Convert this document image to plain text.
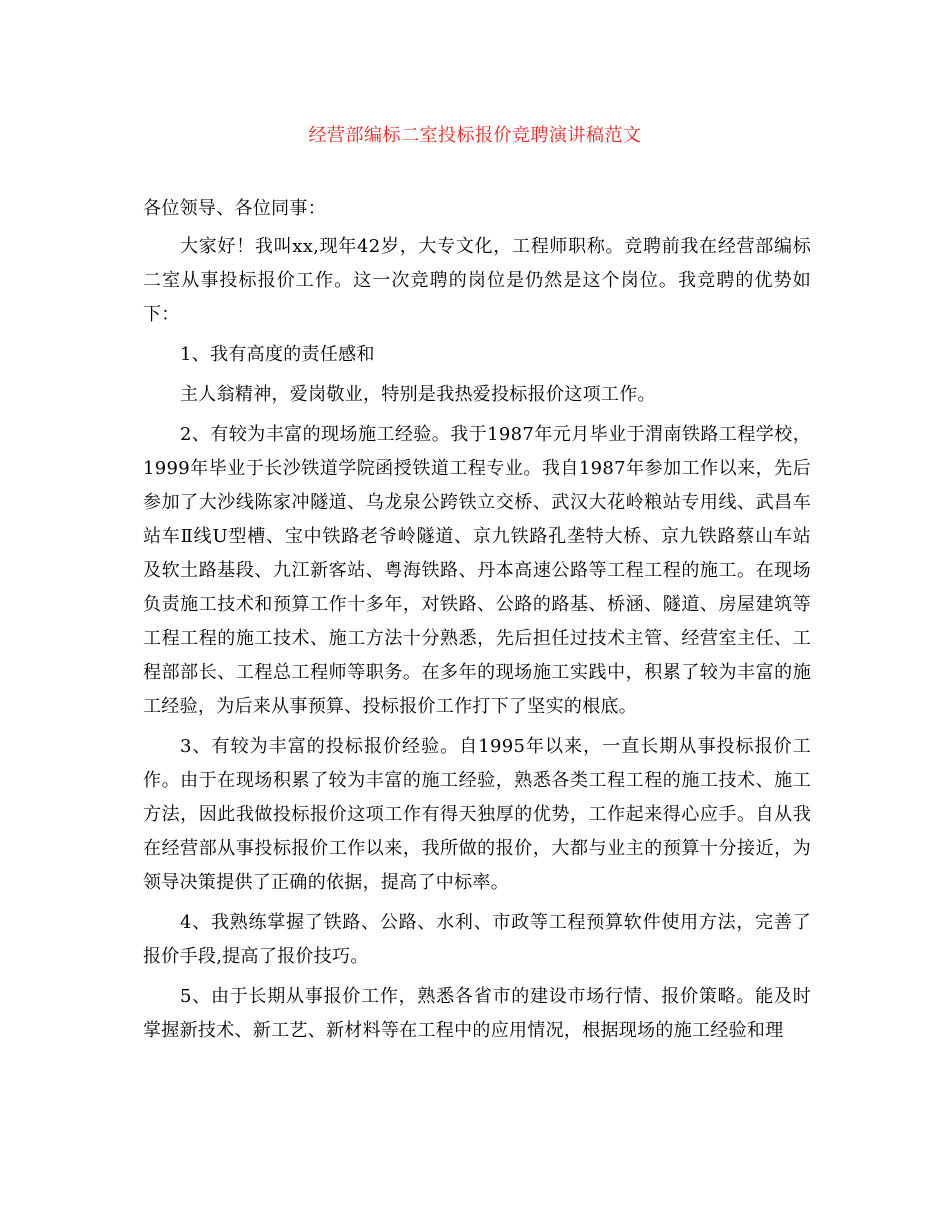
经营部编标二室投标报价竞聘演讲稿范文

各位领导、各位同事：

大家好！我叫xx,现年42岁，大专文化，工程师职称。竞聘前我在经营部编标二室从事投标报价工作。这一次竞聘的岗位是仍然是这个岗位。我竞聘的优势如下：

1、我有高度的责任感和

主人翁精神，爱岗敬业，特别是我热爱投标报价这项工作。

2、有较为丰富的现场施工经验。我于1987年元月毕业于渭南铁路工程学校，1999年毕业于长沙铁道学院函授铁道工程专业。我自1987年参加工作以来，先后参加了大沙线陈家冲隧道、乌龙泉公跨铁立交桥、武汉大花岭粮站专用线、武昌车站车Ⅱ线U型槽、宝中铁路老爷岭隧道、京九铁路孔垄特大桥、京九铁路蔡山车站及软土路基段、九江新客站、粤海铁路、丹本高速公路等工程工程的施工。在现场负责施工技术和预算工作十多年，对铁路、公路的路基、桥涵、隧道、房屋建筑等工程工程的施工技术、施工方法十分熟悉，先后担任过技术主管、经营室主任、工程部部长、工程总工程师等职务。在多年的现场施工实践中，积累了较为丰富的施工经验，为后来从事预算、投标报价工作打下了坚实的根底。

3、有较为丰富的投标报价经验。自1995年以来，一直长期从事投标报价工作。由于在现场积累了较为丰富的施工经验，熟悉各类工程工程的施工技术、施工方法，因此我做投标报价这项工作有得天独厚的优势，工作起来得心应手。自从我在经营部从事投标报价工作以来，我所做的报价，大都与业主的预算十分接近，为领导决策提供了正确的依据，提高了中标率。

4、我熟练掌握了铁路、公路、水利、市政等工程预算软件使用方法，完善了报价手段,提高了报价技巧。

5、由于长期从事报价工作，熟悉各省市的建设市场行情、报价策略。能及时掌握新技术、新工艺、新材料等在工程中的应用情况，根据现场的施工经验和理
